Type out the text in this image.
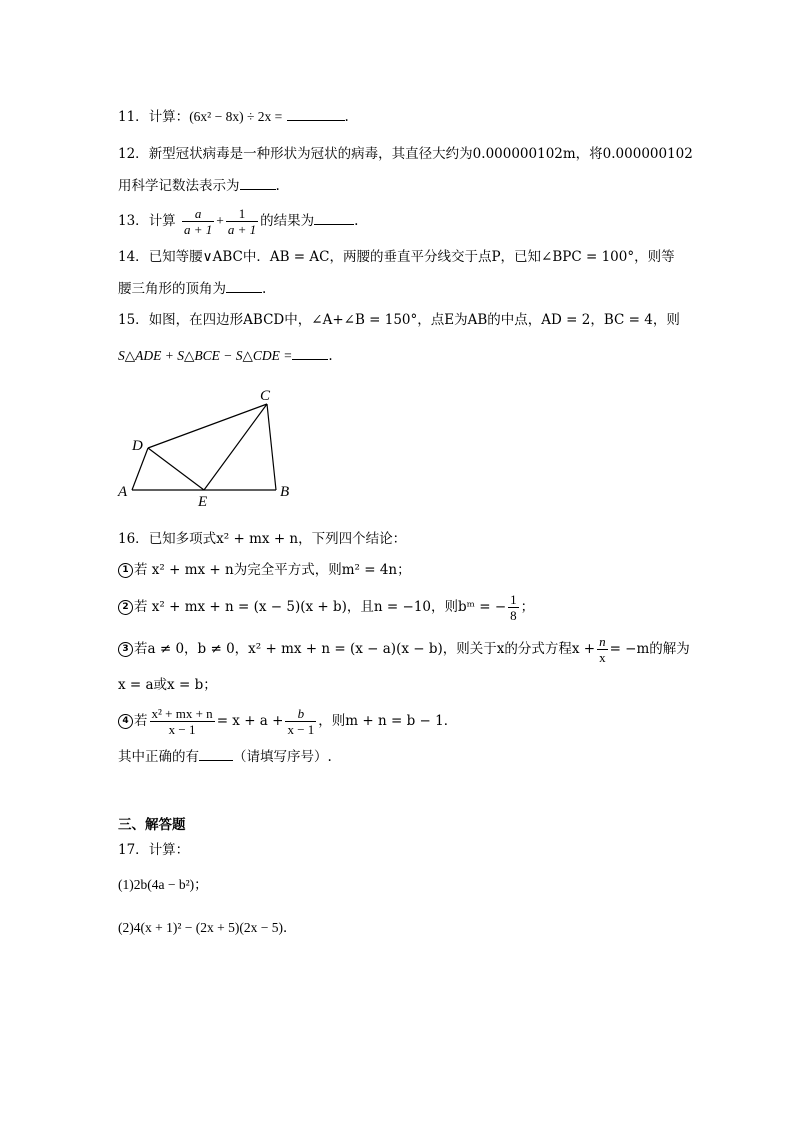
11．计算：(6x² − 8x) ÷ 2x =	.
12．新型冠状病毒是一种形状为冠状的病毒，其直径大约为0.000000102m，将0.000000102
用科学记数法表示为	.
13．计算 $\frac{a}{a + 1} + \frac{1}{a + 1}$ 的结果为	.
14．已知等腰∨ABC中．AB = AC，两腰的垂直平分线交于点P，已知∠BPC = 100°，则等
腰三角形的顶角为	.
15．如图，在四边形ABCD中，∠A+∠B = 150°，点E为AB的中点，AD = 2，BC = 4，则
S△ADE + S△BCE − S△CDE =	.
A	B
C
D
E
16．已知多项式x² + mx + n，下列四个结论：
1 若 x² + mx + n为完全平方式，则m² = 4n；
2 若 x² + mx + n = (x − 5)(x + b)，且n = −10，则bᵐ = − $\frac{1}{8}$ ；
3 若a ≠ 0，b ≠ 0，x² + mx + n = (x − a)(x − b)，则关于x的分式方程$x + \frac{n}{x} = -m$的解为
x = a或x = b；
4 若 $\frac{\text{x² + mx + n}}{x - 1} = x + a + \frac{b}{x - 1}$ ，则m + n = b − 1．
其中正确的有	（请填写序号）.
三、解答题
17．计算：
(1)2b(4a − b²)；
(2)4(x + 1)² − (2x + 5)(2x − 5)．
